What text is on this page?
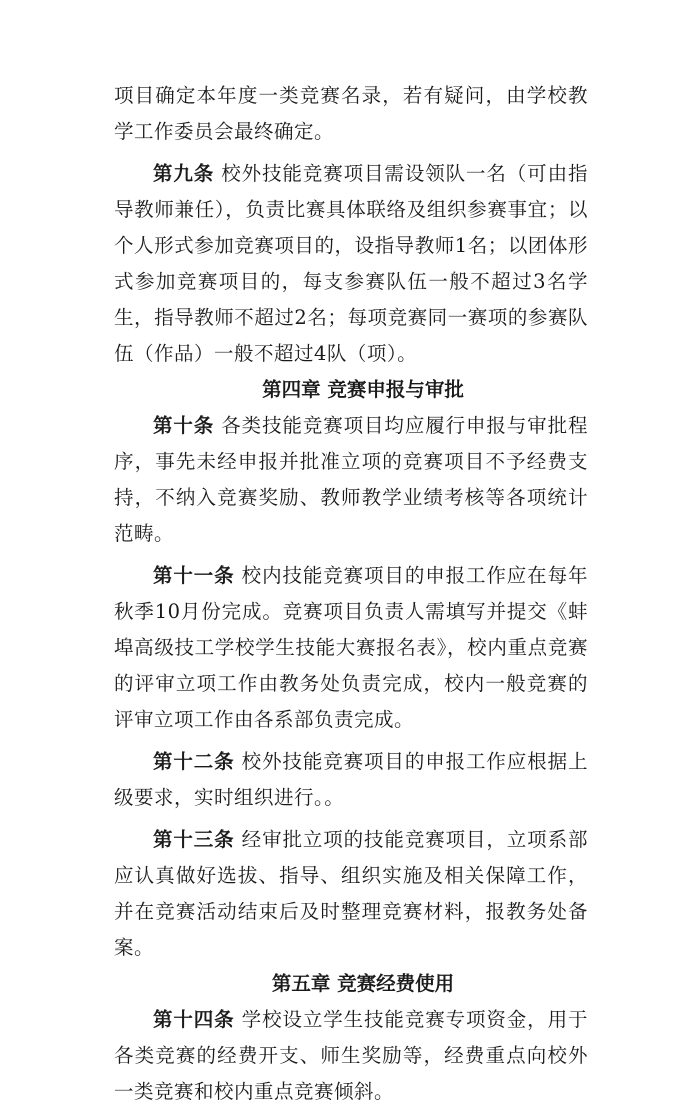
项目确定本年度一类竞赛名录，若有疑问，由学校教学工作委员会最终确定。

第九条 校外技能竞赛项目需设领队一名（可由指导教师兼任），负责比赛具体联络及组织参赛事宜；以个人形式参加竞赛项目的，设指导教师1名；以团体形式参加竞赛项目的，每支参赛队伍一般不超过3名学生，指导教师不超过2名；每项竞赛同一赛项的参赛队伍（作品）一般不超过4队（项）。

第四章 竞赛申报与审批

第十条 各类技能竞赛项目均应履行申报与审批程序，事先未经申报并批准立项的竞赛项目不予经费支持，不纳入竞赛奖励、教师教学业绩考核等各项统计范畴。

第十一条 校内技能竞赛项目的申报工作应在每年秋季10月份完成。竞赛项目负责人需填写并提交《蚌埠高级技工学校学生技能大赛报名表》，校内重点竞赛的评审立项工作由教务处负责完成，校内一般竞赛的评审立项工作由各系部负责完成。

第十二条 校外技能竞赛项目的申报工作应根据上级要求，实时组织进行。。

第十三条 经审批立项的技能竞赛项目，立项系部应认真做好选拔、指导、组织实施及相关保障工作，并在竞赛活动结束后及时整理竞赛材料，报教务处备案。

第五章 竞赛经费使用

第十四条 学校设立学生技能竞赛专项资金，用于各类竞赛的经费开支、师生奖励等，经费重点向校外一类竞赛和校内重点竞赛倾斜。
